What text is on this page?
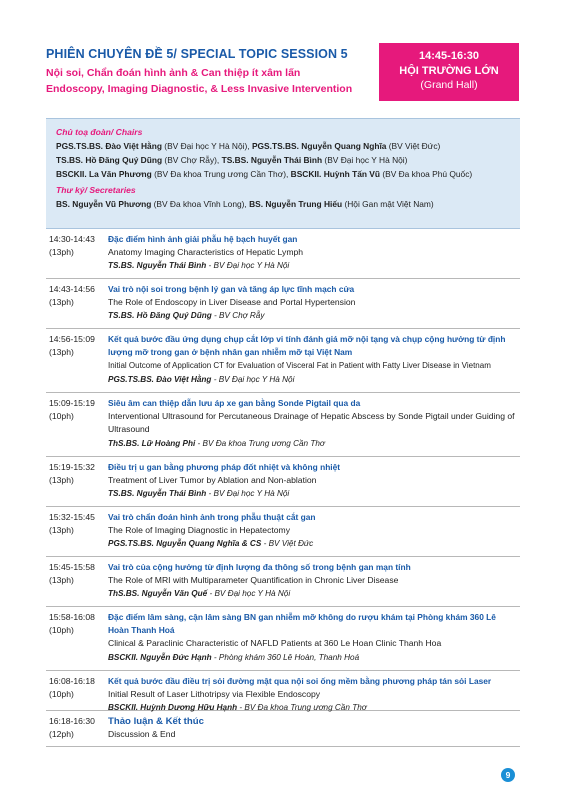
PHIÊN CHUYÊN ĐỀ 5/ SPECIAL TOPIC SESSION 5
Nội soi, Chẩn đoán hình ảnh & Can thiệp ít xâm lấn
Endoscopy, Imaging Diagnostic, & Less Invasive Intervention
14:45-16:30
HỘI TRƯỜNG LỚN
(Grand Hall)
Chủ toạ đoàn/ Chairs
PGS.TS.BS. Đào Việt Hằng (BV Đại học Y Hà Nội), PGS.TS.BS. Nguyễn Quang Nghĩa (BV Việt Đức)
TS.BS. Hồ Đăng Quý Dũng (BV Chợ Rẫy), TS.BS. Nguyễn Thái Bình (BV Đại học Y Hà Nội)
BSCKII. La Văn Phương (BV Đa khoa Trung ương Cần Thơ), BSCKII. Huỳnh Tấn Vũ (BV Đa khoa Phú Quốc)
Thư ký/ Secretaries
BS. Nguyễn Vũ Phương (BV Đa khoa Vĩnh Long), BS. Nguyễn Trung Hiếu (Hội Gan mật Việt Nam)
14:30-14:43
(13ph)
Đặc điểm hình ảnh giải phẫu hệ bạch huyết gan
Anatomy Imaging Characteristics of Hepatic Lymph
TS.BS. Nguyễn Thái Bình - BV Đại học Y Hà Nội
14:43-14:56
(13ph)
Vai trò nội soi trong bệnh lý gan và tăng áp lực tĩnh mạch cửa
The Role of Endoscopy in Liver Disease and Portal Hypertension
TS.BS. Hồ Đăng Quý Dũng - BV Chợ Rẫy
14:56-15:09
(13ph)
Kết quả bước đầu ứng dụng chụp cắt lớp vi tính đánh giá mỡ nội tạng và chụp cộng hưởng từ định lượng mỡ trong gan ở bệnh nhân gan nhiễm mỡ tại Việt Nam
Initial Outcome of Application CT for Evaluation of Visceral Fat in Patient with Fatty Liver Disease in Vietnam
PGS.TS.BS. Đào Việt Hằng - BV Đại học Y Hà Nội
15:09-15:19
(10ph)
Siêu âm can thiệp dẫn lưu áp xe gan bằng Sonde Pigtail qua da
Interventional Ultrasound for Percutaneous Drainage of Hepatic Abscess by Sonde Pigtail under Guiding of Ultrasound
ThS.BS. Lữ Hoàng Phi - BV Đa khoa Trung ương Cần Thơ
15:19-15:32
(13ph)
Điều trị u gan bằng phương pháp đốt nhiệt và không nhiệt
Treatment of Liver Tumor by Ablation and Non-ablation
TS.BS. Nguyễn Thái Bình - BV Đại học Y Hà Nội
15:32-15:45
(13ph)
Vai trò chẩn đoán hình ảnh trong phẫu thuật cắt gan
The Role of Imaging Diagnostic in Hepatectomy
PGS.TS.BS. Nguyễn Quang Nghĩa & CS - BV Việt Đức
15:45-15:58
(13ph)
Vai trò của cộng hưởng từ định lượng đa thông số trong bệnh gan mạn tính
The Role of MRI with Multiparameter Quantification in Chronic Liver Disease
ThS.BS. Nguyễn Văn Quế - BV Đại học Y Hà Nội
15:58-16:08
(10ph)
Đặc điểm lâm sàng, cận lâm sàng BN gan nhiễm mỡ không do rượu khám tại Phòng khám 360 Lê Hoàn Thanh Hoá
Clinical & Paraclinic Characteristic of NAFLD Patients at 360 Le Hoan Clinic Thanh Hoa
BSCKII. Nguyễn Đức Hạnh - Phòng khám 360 Lê Hoàn, Thanh Hoá
16:08-16:18
(10ph)
Kết quả bước đầu điều trị sỏi đường mật qua nội soi ống mềm bằng phương pháp tán sỏi Laser
Initial Result of Laser Lithotripsy via Flexible Endoscopy
BSCKII. Huỳnh Dương Hữu Hạnh - BV Đa khoa Trung ương Cần Thơ
16:18-16:30
(12ph)
Thảo luận & Kết thúc
Discussion & End
9
